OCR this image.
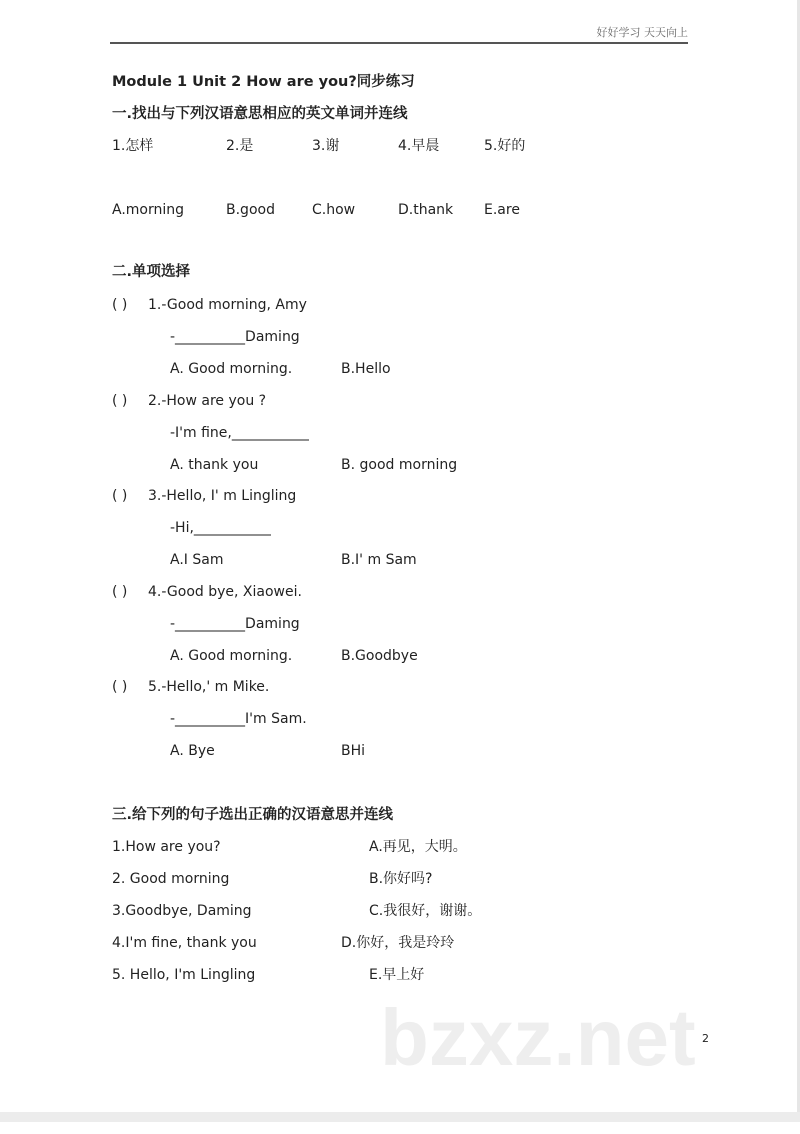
好好学习 天天向上
Module 1 Unit 2 How are you?同步练习
一.找出与下列汉语意思相应的英文单词并连线
1.怎样
A.morning
2.是
B.good
3.谢
C.how
4.早晨
D.thank
5.好的
E.are
二.单项选择
( ) 1.-Good morning, Amy
-__________Daming
A. Good morning.	B.Hello
( ) 2.-How are you ?
-I'm fine,___________
A. thank you	B. good morning
( ) 3.-Hello, I' m Lingling
-Hi,___________
A.I Sam	B.I' m Sam
( ) 4.-Good bye, Xiaowei.
-__________Daming
A. Good morning.	B.Goodbye
( ) 5.-Hello,' m Mike.
-__________I'm Sam.
A. Bye	BHi
三.给下列的句子选出正确的汉语意思并连线
1.How are you?	A.再见，大明。
2. Good morning	B.你好吗?
3.Goodbye, Daming	C.我很好，谢谢。
4.I'm fine, thank you	D.你好，我是玲玲
5. Hello, I'm Lingling	E.早上好
bzxz.net 2
